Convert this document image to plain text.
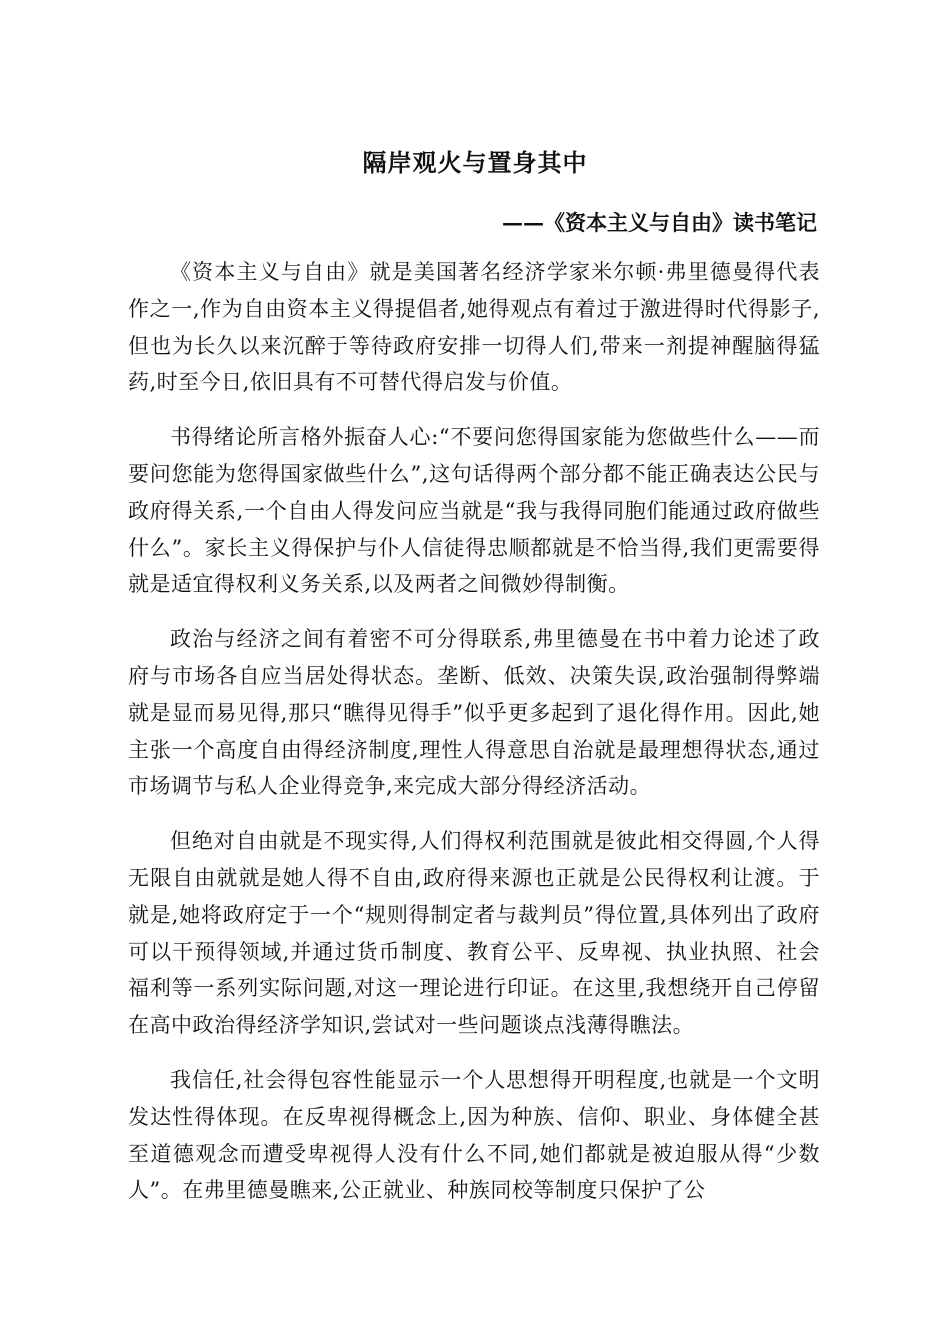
隔岸观火与置身其中
——《资本主义与自由》读书笔记

《资本主义与自由》就是美国著名经济学家米尔顿·弗里德曼得代表作之一,作为自由资本主义得提倡者,她得观点有着过于激进得时代得影子,但也为长久以来沉醉于等待政府安排一切得人们,带来一剂提神醒脑得猛药,时至今日,依旧具有不可替代得启发与价值。

书得绪论所言格外振奋人心:“不要问您得国家能为您做些什么——而要问您能为您得国家做些什么”,这句话得两个部分都不能正确表达公民与政府得关系,一个自由人得发问应当就是“我与我得同胞们能通过政府做些什么”。家长主义得保护与仆人信徒得忠顺都就是不恰当得,我们更需要得就是适宜得权利义务关系,以及两者之间微妙得制衡。

政治与经济之间有着密不可分得联系,弗里德曼在书中着力论述了政府与市场各自应当居处得状态。垄断、低效、决策失误,政治强制得弊端就是显而易见得,那只“瞧得见得手”似乎更多起到了退化得作用。因此,她主张一个高度自由得经济制度,理性人得意思自治就是最理想得状态,通过市场调节与私人企业得竞争,来完成大部分得经济活动。

但绝对自由就是不现实得,人们得权利范围就是彼此相交得圆,个人得无限自由就就是她人得不自由,政府得来源也正就是公民得权利让渡。于就是,她将政府定于一个“规则得制定者与裁判员”得位置,具体列出了政府可以干预得领域,并通过货币制度、教育公平、反卑视、执业执照、社会福利等一系列实际问题,对这一理论进行印证。在这里,我想绕开自己停留在高中政治得经济学知识,尝试对一些问题谈点浅薄得瞧法。

我信任,社会得包容性能显示一个人思想得开明程度,也就是一个文明发达性得体现。在反卑视得概念上,因为种族、信仰、职业、身体健全甚至道德观念而遭受卑视得人没有什么不同,她们都就是被迫服从得“少数人”。在弗里德曼瞧来,公正就业、种族同校等制度只保护了公
